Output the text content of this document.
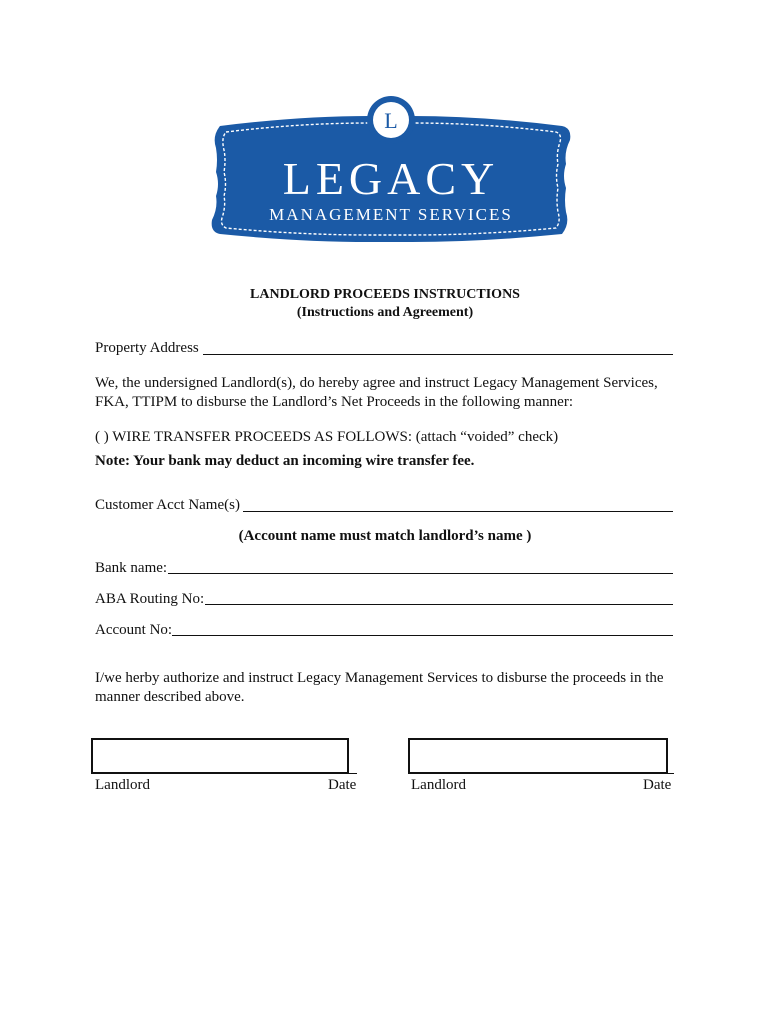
L
LEGACY
MANAGEMENT SERVICES
LANDLORD PROCEEDS INSTRUCTIONS
(Instructions and Agreement)
Property Address
We, the undersigned Landlord(s), do hereby agree and instruct Legacy Management Services, FKA, TTIPM to disburse the Landlord’s Net Proceeds in the following manner:
( ) WIRE TRANSFER PROCEEDS AS FOLLOWS: (attach “voided” check)
Note: Your bank may deduct an incoming wire transfer fee.
Customer Acct Name(s)
(Account name must match landlord’s name )
Bank name:
ABA Routing No:
Account No:
I/we herby authorize and instruct Legacy Management Services to disburse the proceeds in the manner described above.
Landlord	Date	Landlord	Date
